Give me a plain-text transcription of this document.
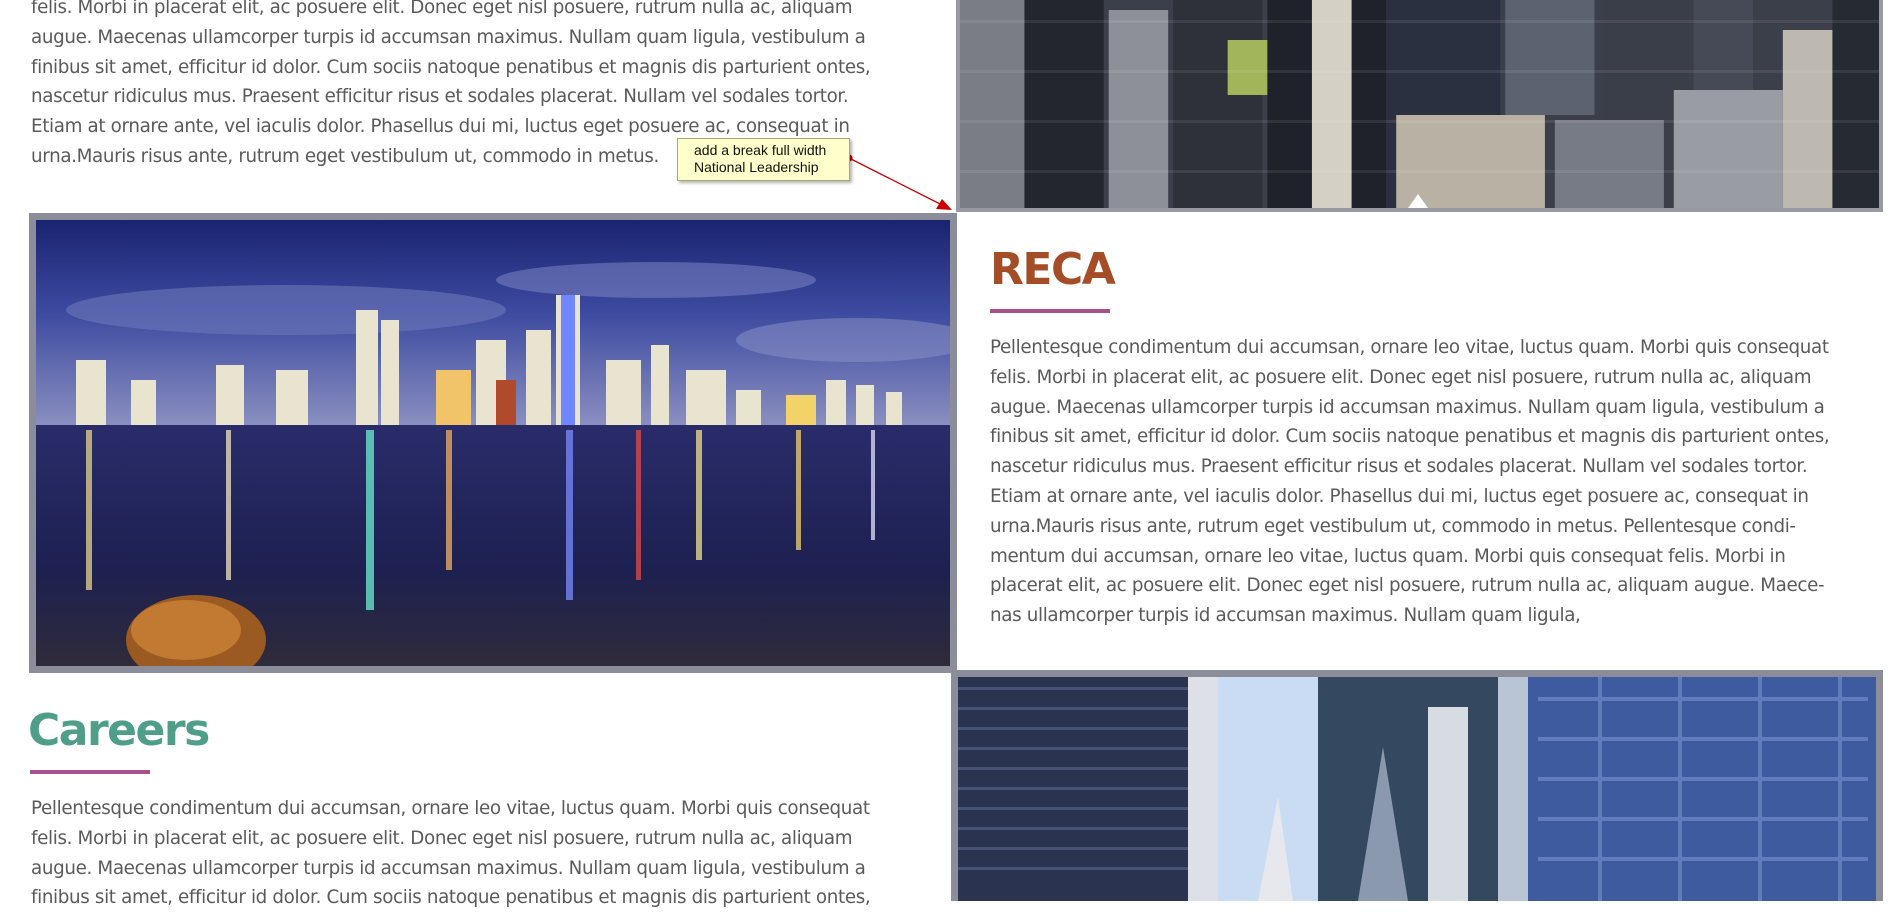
felis. Morbi in placerat elit, ac posuere elit. Donec eget nisl posuere, rutrum nulla ac, aliquam
augue. Maecenas ullamcorper turpis id accumsan maximus. Nullam quam ligula, vestibulum a
finibus sit amet, efficitur id dolor. Cum sociis natoque penatibus et magnis dis parturient ontes,
nascetur ridiculus mus. Praesent efficitur risus et sodales placerat. Nullam vel sodales tortor.
Etiam at ornare ante, vel iaculis dolor. Phasellus dui mi, luctus eget posuere ac, consequat in
urna.Mauris risus ante, rutrum eget vestibulum ut, commodo in metus.	add a break full width
National Leadership
RECA
Pellentesque condimentum dui accumsan, ornare leo vitae, luctus quam. Morbi quis consequat
felis. Morbi in placerat elit, ac posuere elit. Donec eget nisl posuere, rutrum nulla ac, aliquam
augue. Maecenas ullamcorper turpis id accumsan maximus. Nullam quam ligula, vestibulum a
finibus sit amet, efficitur id dolor. Cum sociis natoque penatibus et magnis dis parturient ontes,
nascetur ridiculus mus. Praesent efficitur risus et sodales placerat. Nullam vel sodales tortor.
Etiam at ornare ante, vel iaculis dolor. Phasellus dui mi, luctus eget posuere ac, consequat in
urna.Mauris risus ante, rutrum eget vestibulum ut, commodo in metus. Pellentesque condi-
mentum dui accumsan, ornare leo vitae, luctus quam. Morbi quis consequat felis. Morbi in
placerat elit, ac posuere elit. Donec eget nisl posuere, rutrum nulla ac, aliquam augue. Maece-
nas ullamcorper turpis id accumsan maximus. Nullam quam ligula,
Careers
Pellentesque condimentum dui accumsan, ornare leo vitae, luctus quam. Morbi quis consequat
felis. Morbi in placerat elit, ac posuere elit. Donec eget nisl posuere, rutrum nulla ac, aliquam
augue. Maecenas ullamcorper turpis id accumsan maximus. Nullam quam ligula, vestibulum a
finibus sit amet, efficitur id dolor. Cum sociis natoque penatibus et magnis dis parturient ontes,
